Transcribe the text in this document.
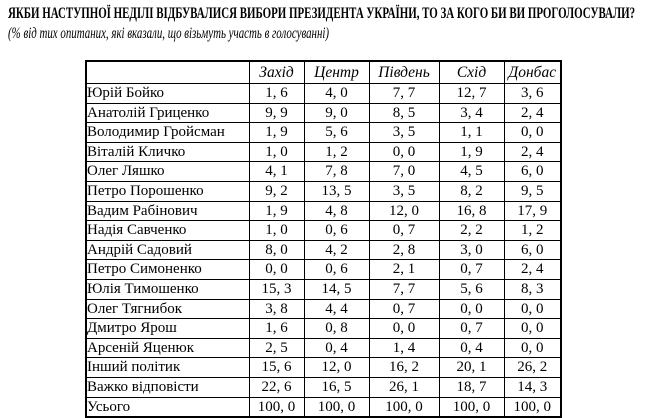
ЯКБИ НАСТУПНОЇ НЕДІЛІ ВІДБУВАЛИСЯ ВИБОРИ ПРЕЗИДЕНТА УКРАЇНИ, ТО ЗА КОГО БИ ВИ ПРОГОЛОСУВАЛИ? (% від тих опитаних, які вказали, що візьмуть участь в голосуванні)
	Захід	Центр	Південь	Схід	Донбас
Юрій Бойко	1, 6	4, 0	7, 7	12, 7	3, 6
Анатолій Гриценко	9, 9	9, 0	8, 5	3, 4	2, 4
Володимир Гройсман	1, 9	5, 6	3, 5	1, 1	0, 0
Віталій Кличко	1, 0	1, 2	0, 0	1, 9	2, 4
Олег Ляшко	4, 1	7, 8	7, 0	4, 5	6, 0
Петро Порошенко	9, 2	13, 5	3, 5	8, 2	9, 5
Вадим Рабінович	1, 9	4, 8	12, 0	16, 8	17, 9
Надія Савченко	1, 0	0, 6	0, 7	2, 2	1, 2
Андрій Садовий	8, 0	4, 2	2, 8	3, 0	6, 0
Петро Симоненко	0, 0	0, 6	2, 1	0, 7	2, 4
Юлія Тимошенко	15, 3	14, 5	7, 7	5, 6	8, 3
Олег Тягнибок	3, 8	4, 4	0, 7	0, 0	0, 0
Дмитро Ярош	1, 6	0, 8	0, 0	0, 7	0, 0
Арсеній Яценюк	2, 5	0, 4	1, 4	0, 4	0, 0
Інший політик	15, 6	12, 0	16, 2	20, 1	26, 2
Важко відповісти	22, 6	16, 5	26, 1	18, 7	14, 3
Усього	100, 0	100, 0	100, 0	100, 0	100, 0
